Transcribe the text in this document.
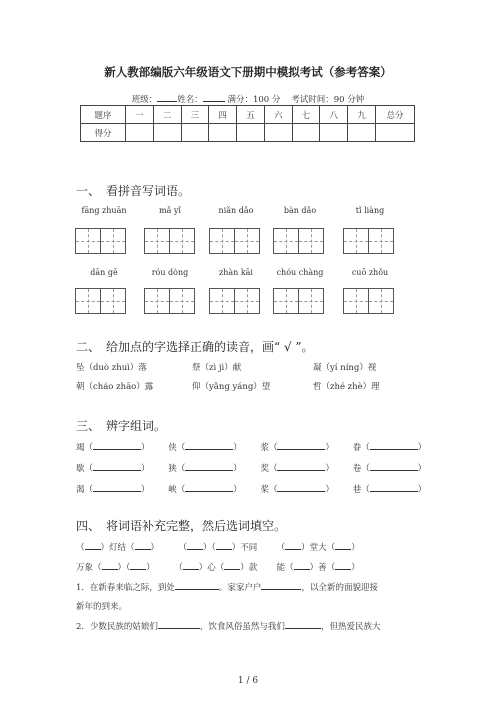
新人教部编版六年级语文下册期中模拟考试（参考答案）
班级： 姓名：	满分：100 分 考试时间：90 分钟
题序	一	二	三	四	五	六	七	八	九	总分
得分										
一、　看拼音写词语。
fāng zhuān	mǎ yǐ	niǎn dǎo	bàn dǎo	tǐ liàng
dān gē	róu dòng	zhàn kāi	chóu chàng	cuō zhǒu
二、　给加点的字选择正确的读音，画“ √ ”。
坠（duò zhuì）落	祭（zì jì）献	凝（yí níng）视
朝（cháo zhāo）露	仰（yǎng yáng）望	哲（zhé zhè）理
三、　辨字组词。
竭（	） 侠（	） 浆（	） 眷（	）
歇（	） 狭（	） 奖（	） 卷（	）
渴（	） 峡（	） 桨（	） 巷（	）
四、　将词语补充完整，然后选词填空。
（ ）灯结（ ） （ ）（ ）不同 （ ）堂大（ ）
万象（ ）（ ） （ ）心（ ）款 能（ ）善（ ）
1．在新春来临之际，到处	。家家户户	，以全新的面貌迎接
新年的到来。
2．少数民族的姑娘们	，饮食风俗虽然与我们	，但热爱民族大
1 / 6
